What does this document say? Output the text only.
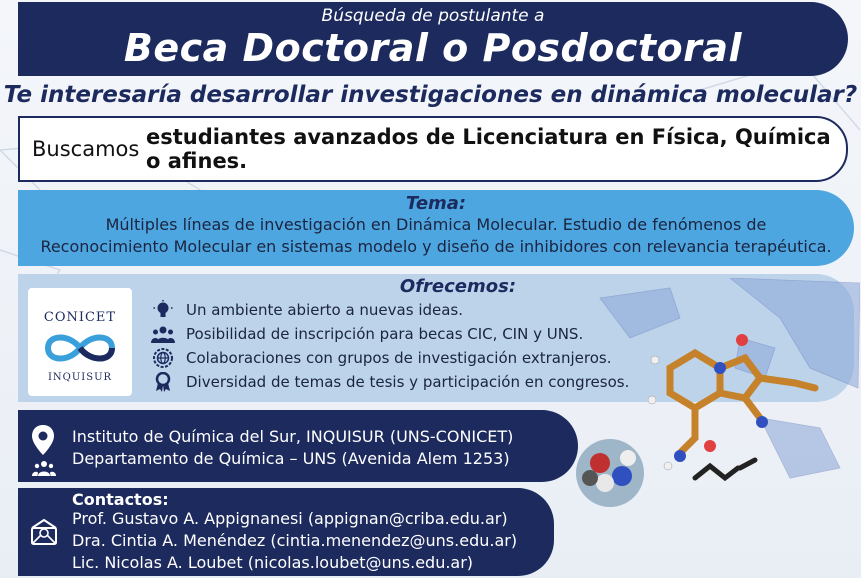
Búsqueda de postulante a
Beca Doctoral o Posdoctoral
Te interesaría desarrollar investigaciones en dinámica molecular?
Buscamos
estudiantes avanzados de Licenciatura en Física, Química o afines.
Tema:
Múltiples líneas de investigación en Dinámica Molecular. Estudio de fenómenos de
Reconocimiento Molecular en sistemas modelo y diseño de inhibidores con relevancia terapéutica.
Ofrecemos:
CONICET
INQUISUR
Un ambiente abierto a nuevas ideas.
Posibilidad de inscripción para becas CIC, CIN y UNS.
Colaboraciones con grupos de investigación extranjeros.
Diversidad de temas de tesis y participación en congresos.
Instituto de Química del Sur, INQUISUR (UNS-CONICET)
Departamento de Química – UNS (Avenida Alem 1253)
Contactos:
Prof. Gustavo A. Appignanesi (appignan@criba.edu.ar)
Dra. Cintia A. Menéndez (cintia.menendez@uns.edu.ar)
Lic. Nicolas A. Loubet (nicolas.loubet@uns.edu.ar)
